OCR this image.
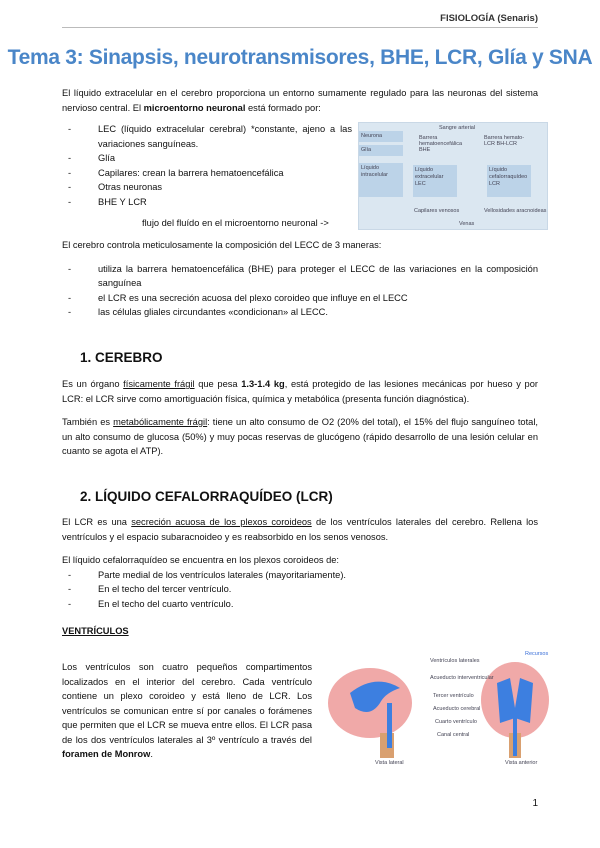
FISIOLOGÍA (Senaris)
Tema 3: Sinapsis, neurotransmisores, BHE, LCR, Glía y SNA

El líquido extracelular en el cerebro proporciona un entorno sumamente regulado para las neuronas del sistema nervioso central. El microentorno neuronal está formado por:

- LEC (líquido extracelular cerebral) *constante, ajeno a las variaciones sanguíneas.
- Glía
- Capilares: crean la barrera hematoencefálica
- Otras neuronas
- BHE Y LCR
flujo del fluído en el microentorno neuronal ->
Sangre arterial
Neurona
Glía
Líquido intracelular
Barrera hematoencefálica BHE
Líquido extracelular LEC
Barrera hemato-LCR BH-LCR
Líquido cefalorraquídeo LCR
Capilares venosos	Vellosidades aracnoideas
Venas

El cerebro controla meticulosamente la composición del LECC de 3 maneras:

- utiliza la barrera hematoencefálica (BHE) para proteger el LECC de las variaciones en la composición sanguínea
- el LCR es una secreción acuosa del plexo coroideo que influye en el LECC
- las células gliales circundantes «condicionan» al LECC.
1. CEREBRO

Es un órgano físicamente frágil que pesa 1.3-1.4 kg, está protegido de las lesiones mecánicas por hueso y por LCR: el LCR sirve como amortiguación física, química y metabólica (presenta función diagnóstica).

También es metabólicamente frágil: tiene un alto consumo de O2 (20% del total), el 15% del flujo sanguíneo total, un alto consumo de glucosa (50%) y muy pocas reservas de glucógeno (rápido desarrollo de una lesión celular en cuanto se agota el ATP).

2. LÍQUIDO CEFALORRAQUÍDEO (LCR)

El LCR es una secreción acuosa de los plexos coroideos de los ventrículos laterales del cerebro. Rellena los ventrículos y el espacio subaracnoideo y es reabsorbido en los senos venosos.

El líquido cefalorraquídeo se encuentra en los plexos coroideos de:

- Parte medial de los ventrículos laterales (mayoritariamente).
- En el techo del tercer ventrículo.
- En el techo del cuarto ventrículo.
VENTRÍCULOS

Los ventrículos son cuatro pequeños compartimentos localizados en el interior del cerebro. Cada ventrículo contiene un plexo coroideo y está lleno de LCR. Los ventrículos se comunican entre sí por canales o forámenes que permiten que el LCR se mueva entre ellos. El LCR pasa de los dos ventrículos laterales al 3º ventrículo a través del foramen de Monrow.

Ventrículos laterales
Acueducto interventricular
Tercer ventrículo
Acueducto cerebral
Cuarto ventrículo
Canal central
Recursos
Vista lateral	Vista anterior
1
